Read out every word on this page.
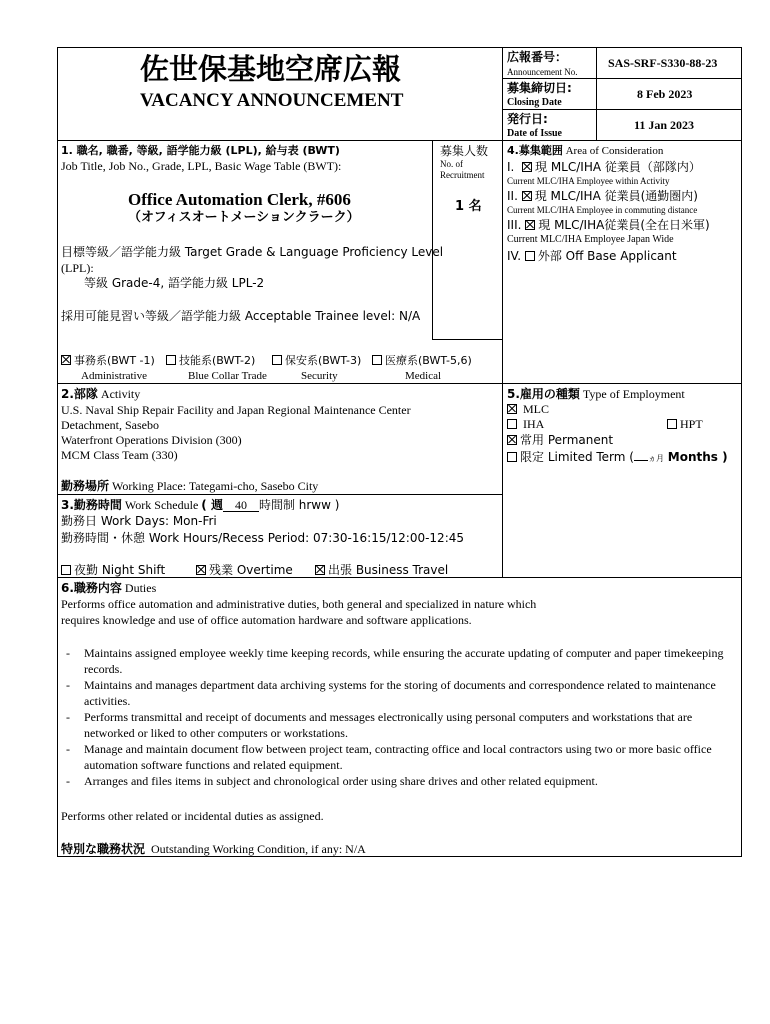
佐世保基地空席広報
VACANCY ANNOUNCEMENT
広報番号：
Announcement No.
SAS-SRF-S330-88-23
募集締切日:
Closing Date
8 Feb 2023
発行日:
Date of Issue
11 Jan 2023
1. 職名, 職番, 等級, 語学能力級 (LPL), 給与表 (BWT)
Job Title, Job No., Grade, LPL, Basic Wage Table (BWT):
Office Automation Clerk, #606
（オフィスオートメーションクラーク）
目標等級／語学能力級 Target Grade & Language Proficiency Level
(LPL):
等級 Grade-4, 語学能力級 LPL-2
採用可能見習い等級／語学能力級 Acceptable Trainee level: N/A
募集人数
No. of
Recruitment
1 名
事務系(BWT -1)
Administrative
技能系(BWT-2)
Blue Collar Trade
保安系(BWT-3)
Security
医療系(BWT-5,6)
Medical
4.募集範囲 Area of Consideration
I. 現 MLC/IHA 従業員（部隊内）
Current MLC/IHA Employee within Activity
II. 現 MLC/IHA 従業員(通勤圏内)
Current MLC/IHA Employee in commuting distance
III. 現 MLC/IHA従業員(全在日米軍)
Current MLC/IHA Employee Japan Wide
IV. 外部 Off Base Applicant
2.部隊 Activity
U.S. Naval Ship Repair Facility and Japan Regional Maintenance Center
Detachment, Sasebo
Waterfront Operations Division (300)
MCM Class Team (330)
勤務場所 Working Place: Tategami-cho, Sasebo City
5.雇用の種類 Type of Employment
MLC
IHA	HPT
常用 Permanent
限定 Limited Term ( ヵ月 Months )
3.勤務時間 Work Schedule ( 週 40 時間制 hrww )
勤務日 Work Days: Mon-Fri
勤務時間・休憩 Work Hours/Recess Period: 07:30-16:15/12:00-12:45
夜勤 Night Shift	残業 Overtime	出張 Business Travel
6.職務内容 Duties
Performs office automation and administrative duties, both general and specialized in nature which
requires knowledge and use of office automation hardware and software applications.
-	Maintains assigned employee weekly time keeping records, while ensuring the accurate updating of computer and paper timekeeping records.
-	Maintains and manages department data archiving systems for the storing of documents and correspondence related to maintenance activities.
-	Performs transmittal and receipt of documents and messages electronically using personal computers and workstations that are networked or liked to other computers or workstations.
-	Manage and maintain document flow between project team, contracting office and local contractors using two or more basic office automation software functions and related equipment.
-	Arranges and files items in subject and chronological order using share drives and other related equipment.
Performs other related or incidental duties as assigned.
特別な職務状況 Outstanding Working Condition, if any: N/A
